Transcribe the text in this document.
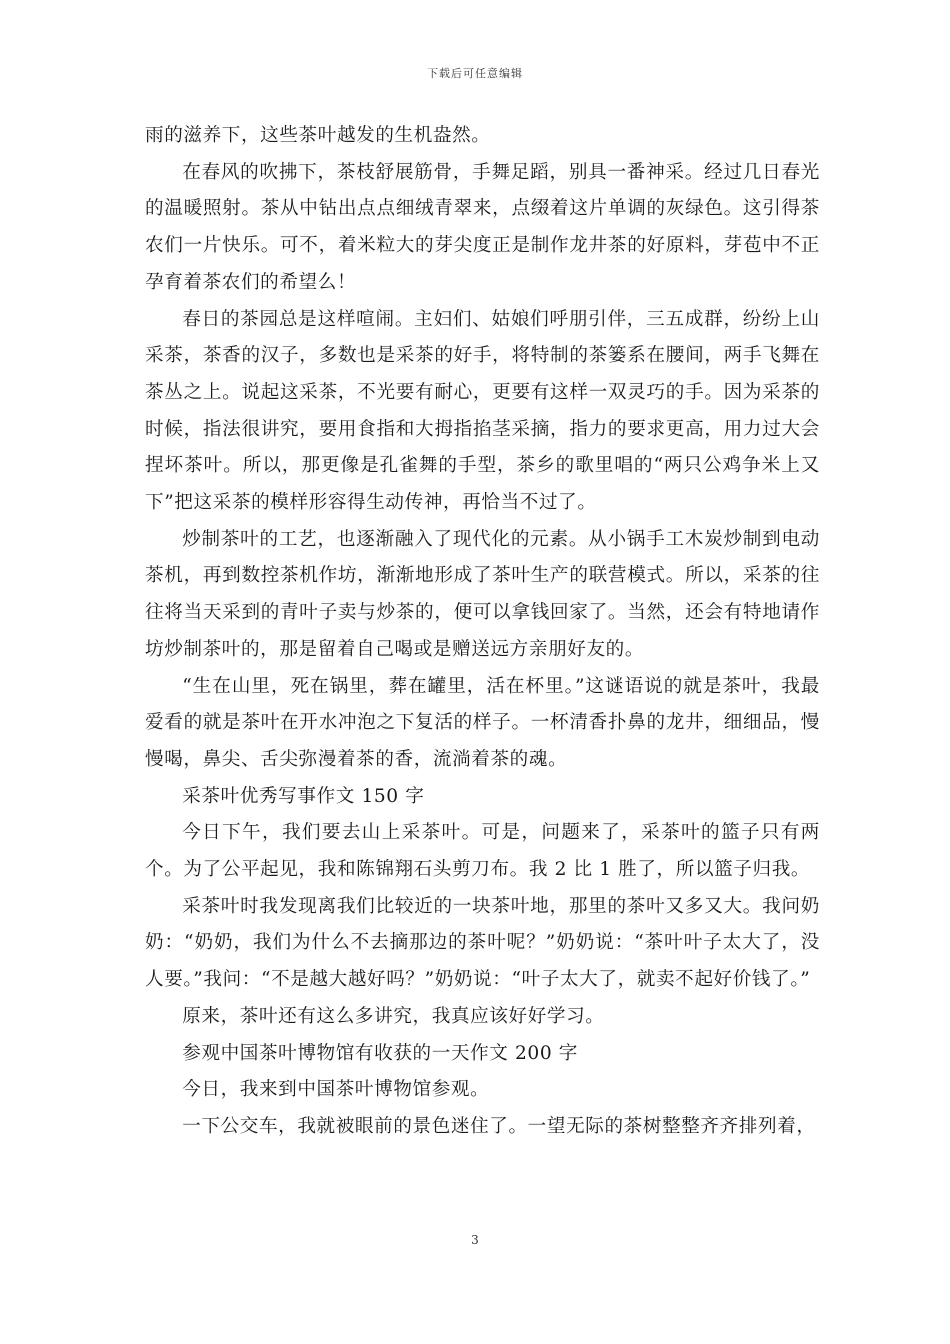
下载后可任意编辑

雨的滋养下，这些茶叶越发的生机盎然。

在春风的吹拂下，茶枝舒展筋骨，手舞足蹈，别具一番神采。经过几日春光的温暖照射。茶从中钻出点点细绒青翠来，点缀着这片单调的灰绿色。这引得茶农们一片快乐。可不，着米粒大的芽尖度正是制作龙井茶的好原料，芽苞中不正孕育着茶农们的希望么！

春日的茶园总是这样喧闹。主妇们、姑娘们呼朋引伴，三五成群，纷纷上山采茶，茶香的汉子，多数也是采茶的好手，将特制的茶篓系在腰间，两手飞舞在茶丛之上。说起这采茶，不光要有耐心，更要有这样一双灵巧的手。因为采茶的时候，指法很讲究，要用食指和大拇指掐茎采摘，指力的要求更高，用力过大会捏坏茶叶。所以，那更像是孔雀舞的手型，茶乡的歌里唱的“两只公鸡争米上又下”把这采茶的模样形容得生动传神，再恰当不过了。

炒制茶叶的工艺，也逐渐融入了现代化的元素。从小锅手工木炭炒制到电动茶机，再到数控茶机作坊，渐渐地形成了茶叶生产的联营模式。所以，采茶的往往将当天采到的青叶子卖与炒茶的，便可以拿钱回家了。当然，还会有特地请作坊炒制茶叶的，那是留着自己喝或是赠送远方亲朋好友的。

“生在山里，死在锅里，葬在罐里，活在杯里。”这谜语说的就是茶叶，我最爱看的就是茶叶在开水冲泡之下复活的样子。一杯清香扑鼻的龙井，细细品，慢慢喝，鼻尖、舌尖弥漫着茶的香，流淌着茶的魂。

采茶叶优秀写事作文 150 字

今日下午，我们要去山上采茶叶。可是，问题来了，采茶叶的篮子只有两个。为了公平起见，我和陈锦翔石头剪刀布。我 2 比 1 胜了，所以篮子归我。

采茶叶时我发现离我们比较近的一块茶叶地，那里的茶叶又多又大。我问奶奶：“奶奶，我们为什么不去摘那边的茶叶呢？”奶奶说：“茶叶叶子太大了，没人要。”我问：“不是越大越好吗？”奶奶说：“叶子太大了，就卖不起好价钱了。”

原来，茶叶还有这么多讲究，我真应该好好学习。

参观中国茶叶博物馆有收获的一天作文 200 字

今日，我来到中国茶叶博物馆参观。

一下公交车，我就被眼前的景色迷住了。一望无际的茶树整整齐齐排列着，

3
